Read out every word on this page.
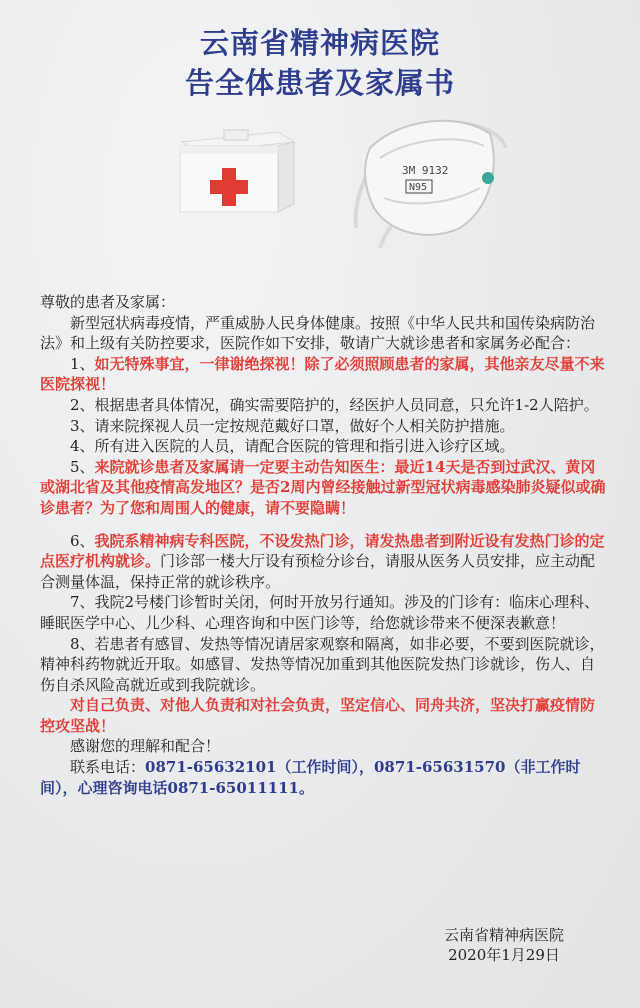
云南省精神病医院
告全体患者及家属书
3M 9132
N95

尊敬的患者及家属：

新型冠状病毒疫情，严重威胁人民身体健康。按照《中华人民共和国传染病防治法》和上级有关防控要求，医院作如下安排，敬请广大就诊患者和家属务必配合：

1、如无特殊事宜，一律谢绝探视！除了必须照顾患者的家属，其他亲友尽量不来医院探视！

2、根据患者具体情况，确实需要陪护的，经医护人员同意，只允许1-2人陪护。

3、请来院探视人员一定按规范戴好口罩，做好个人相关防护措施。

4、所有进入医院的人员，请配合医院的管理和指引进入诊疗区域。

5、来院就诊患者及家属请一定要主动告知医生：最近14天是否到过武汉、黄冈或湖北省及其他疫情高发地区？是否2周内曾经接触过新型冠状病毒感染肺炎疑似或确诊患者？为了您和周围人的健康，请不要隐瞒！

6、我院系精神病专科医院，不设发热门诊，请发热患者到附近设有发热门诊的定点医疗机构就诊。门诊部一楼大厅设有预检分诊台，请服从医务人员安排，应主动配合测量体温，保持正常的就诊秩序。

7、我院2号楼门诊暂时关闭，何时开放另行通知。涉及的门诊有：临床心理科、睡眠医学中心、儿少科、心理咨询和中医门诊等，给您就诊带来不便深表歉意！

8、若患者有感冒、发热等情况请居家观察和隔离，如非必要，不要到医院就诊，精神科药物就近开取。如感冒、发热等情况加重到其他医院发热门诊就诊，伤人、自伤自杀风险高就近或到我院就诊。

对自己负责、对他人负责和对社会负责，坚定信心、同舟共济，坚决打赢疫情防控攻坚战！

感谢您的理解和配合！

联系电话：0871-65632101（工作时间），0871-65631570（非工作时间），心理咨询电话0871-65011111。

云南省精神病医院
2020年1月29日
